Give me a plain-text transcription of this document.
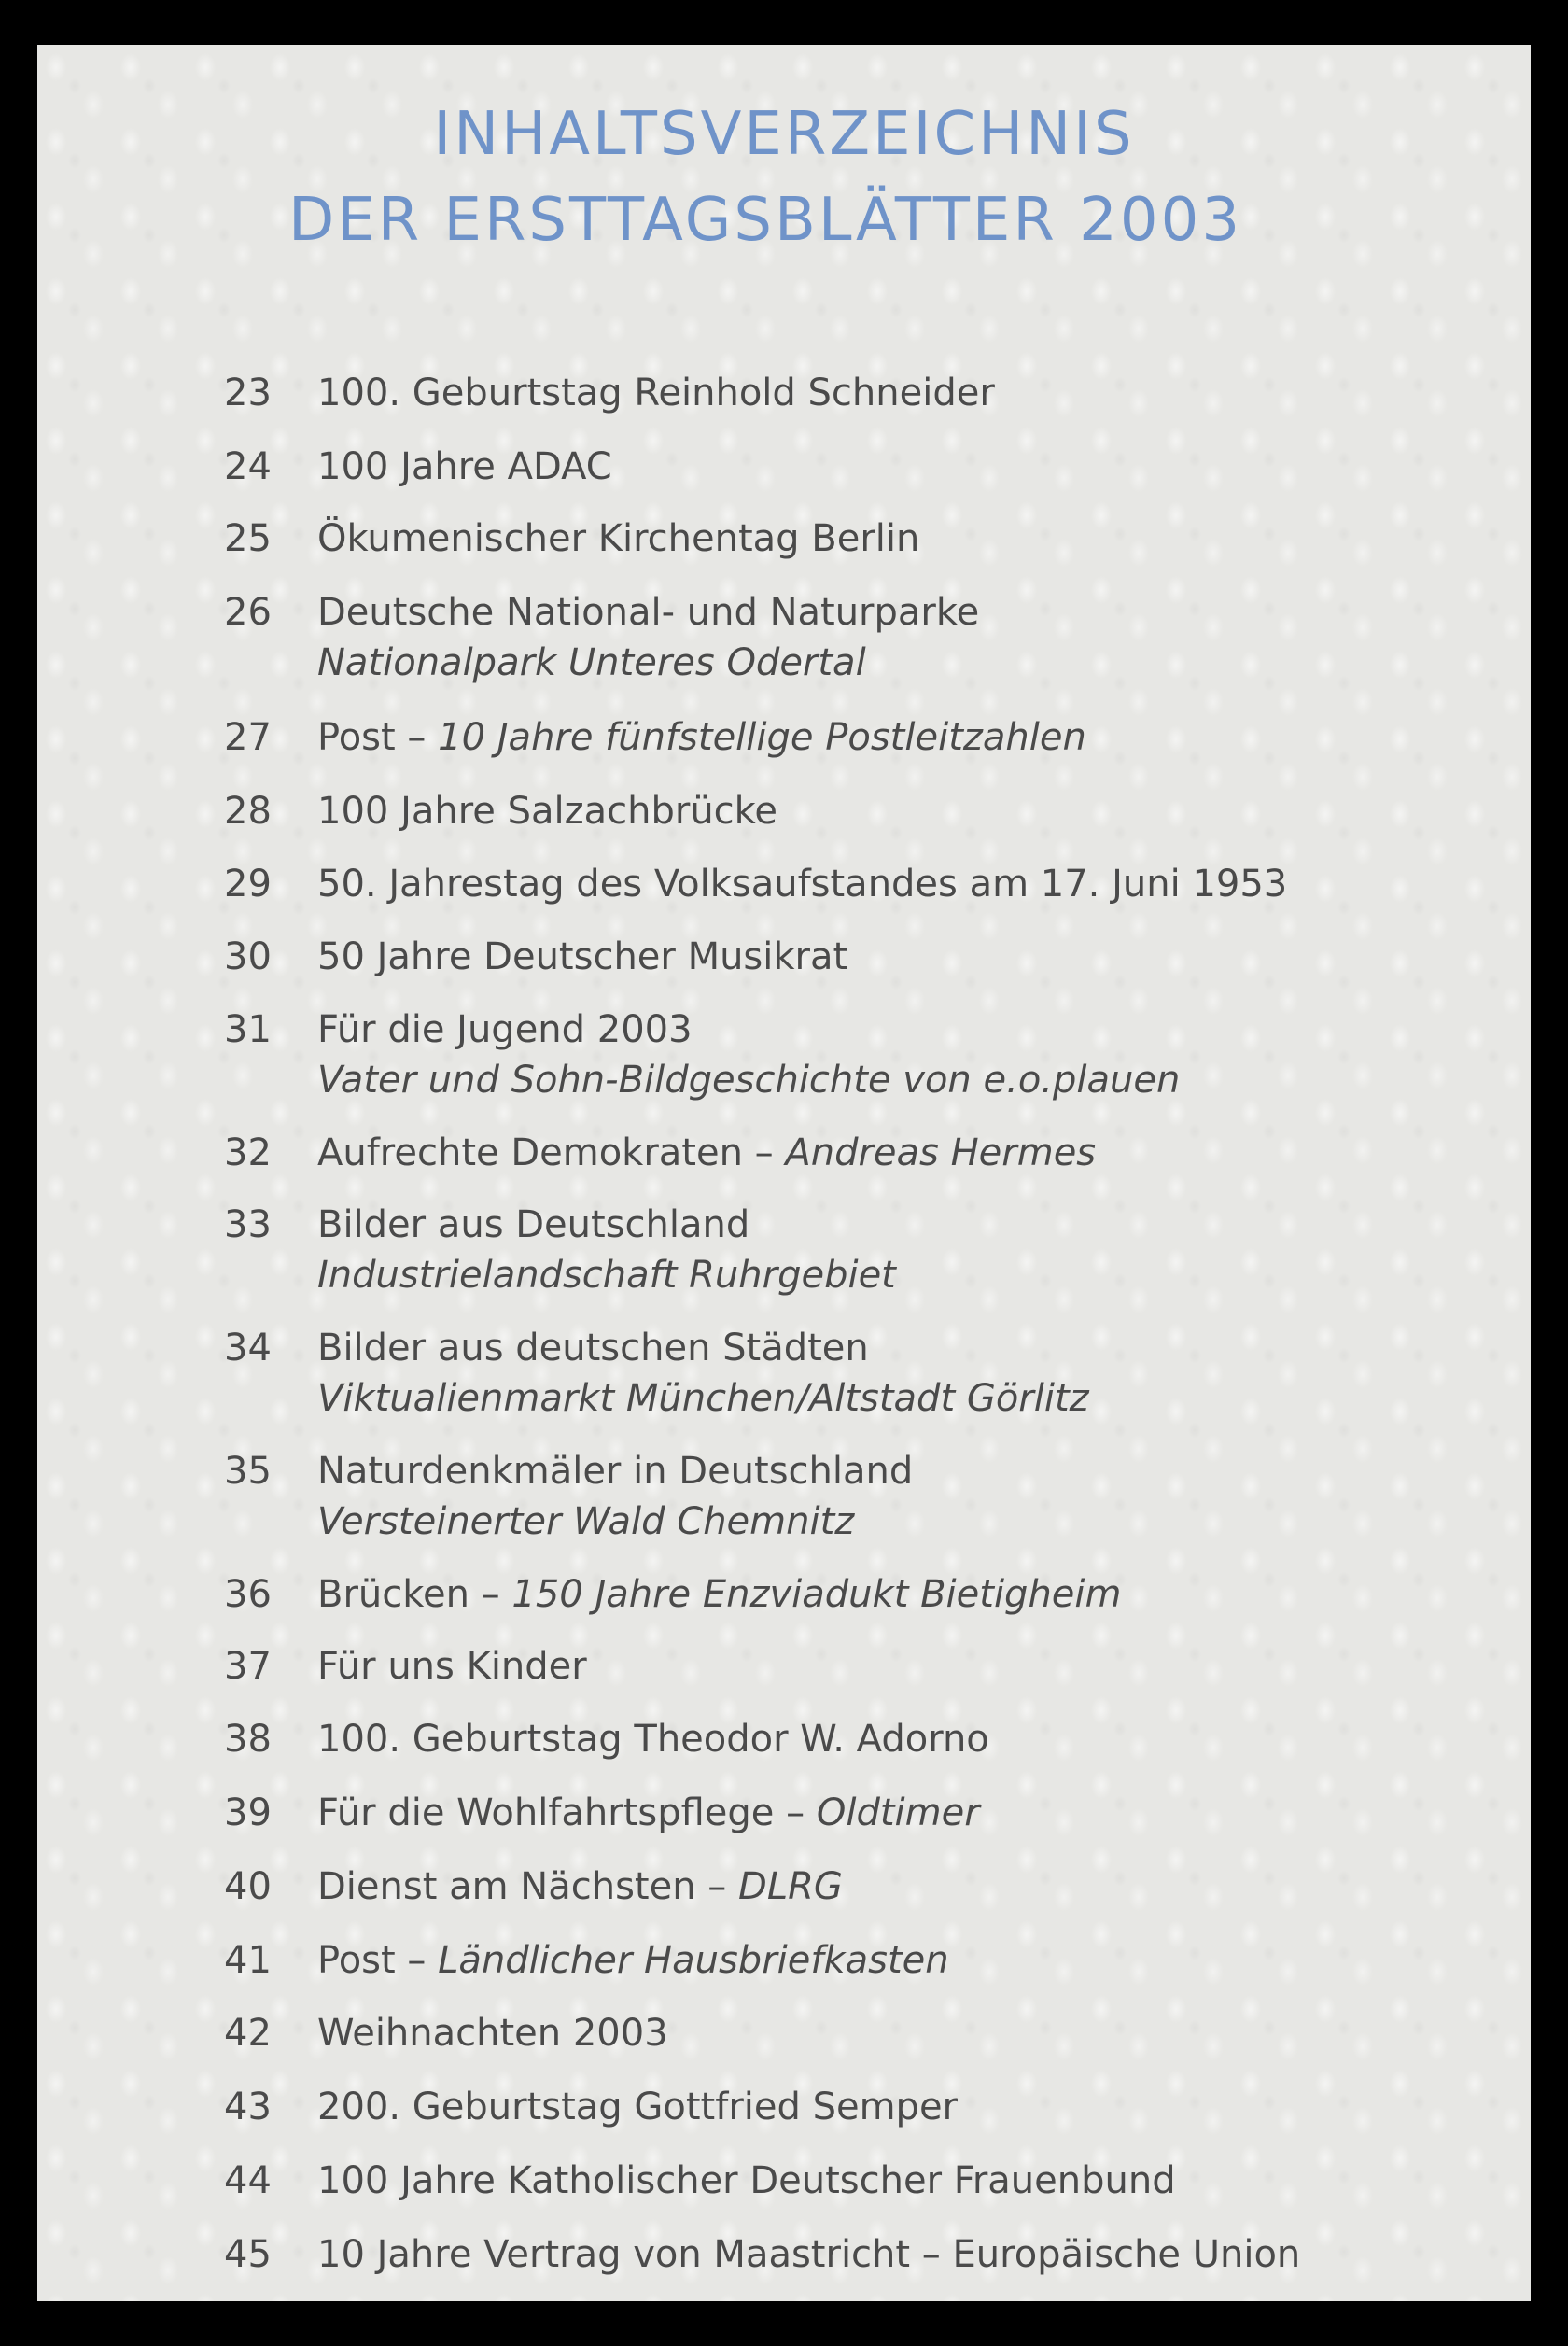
INHALTSVERZEICHNIS
DER ERSTTAGSBLÄTTER 2003
23	100. Geburtstag Reinhold Schneider
24	100 Jahre ADAC
25	Ökumenischer Kirchentag Berlin
26	Deutsche National- und Naturparke
Nationalpark Unteres Odertal
27	Post – 10 Jahre fünfstellige Postleitzahlen
28	100 Jahre Salzachbrücke
29	50. Jahrestag des Volksaufstandes am 17. Juni 1953
30	50 Jahre Deutscher Musikrat
31	Für die Jugend 2003
Vater und Sohn-Bildgeschichte von e.o.plauen
32	Aufrechte Demokraten – Andreas Hermes
33	Bilder aus Deutschland
Industrielandschaft Ruhrgebiet
34	Bilder aus deutschen Städten
Viktualienmarkt München/Altstadt Görlitz
35	Naturdenkmäler in Deutschland
Versteinerter Wald Chemnitz
36	Brücken – 150 Jahre Enzviadukt Bietigheim
37	Für uns Kinder
38	100. Geburtstag Theodor W. Adorno
39	Für die Wohlfahrtspflege – Oldtimer
40	Dienst am Nächsten – DLRG
41	Post – Ländlicher Hausbriefkasten
42	Weihnachten 2003
43	200. Geburtstag Gottfried Semper
44	100 Jahre Katholischer Deutscher Frauenbund
45	10 Jahre Vertrag von Maastricht – Europäische Union
